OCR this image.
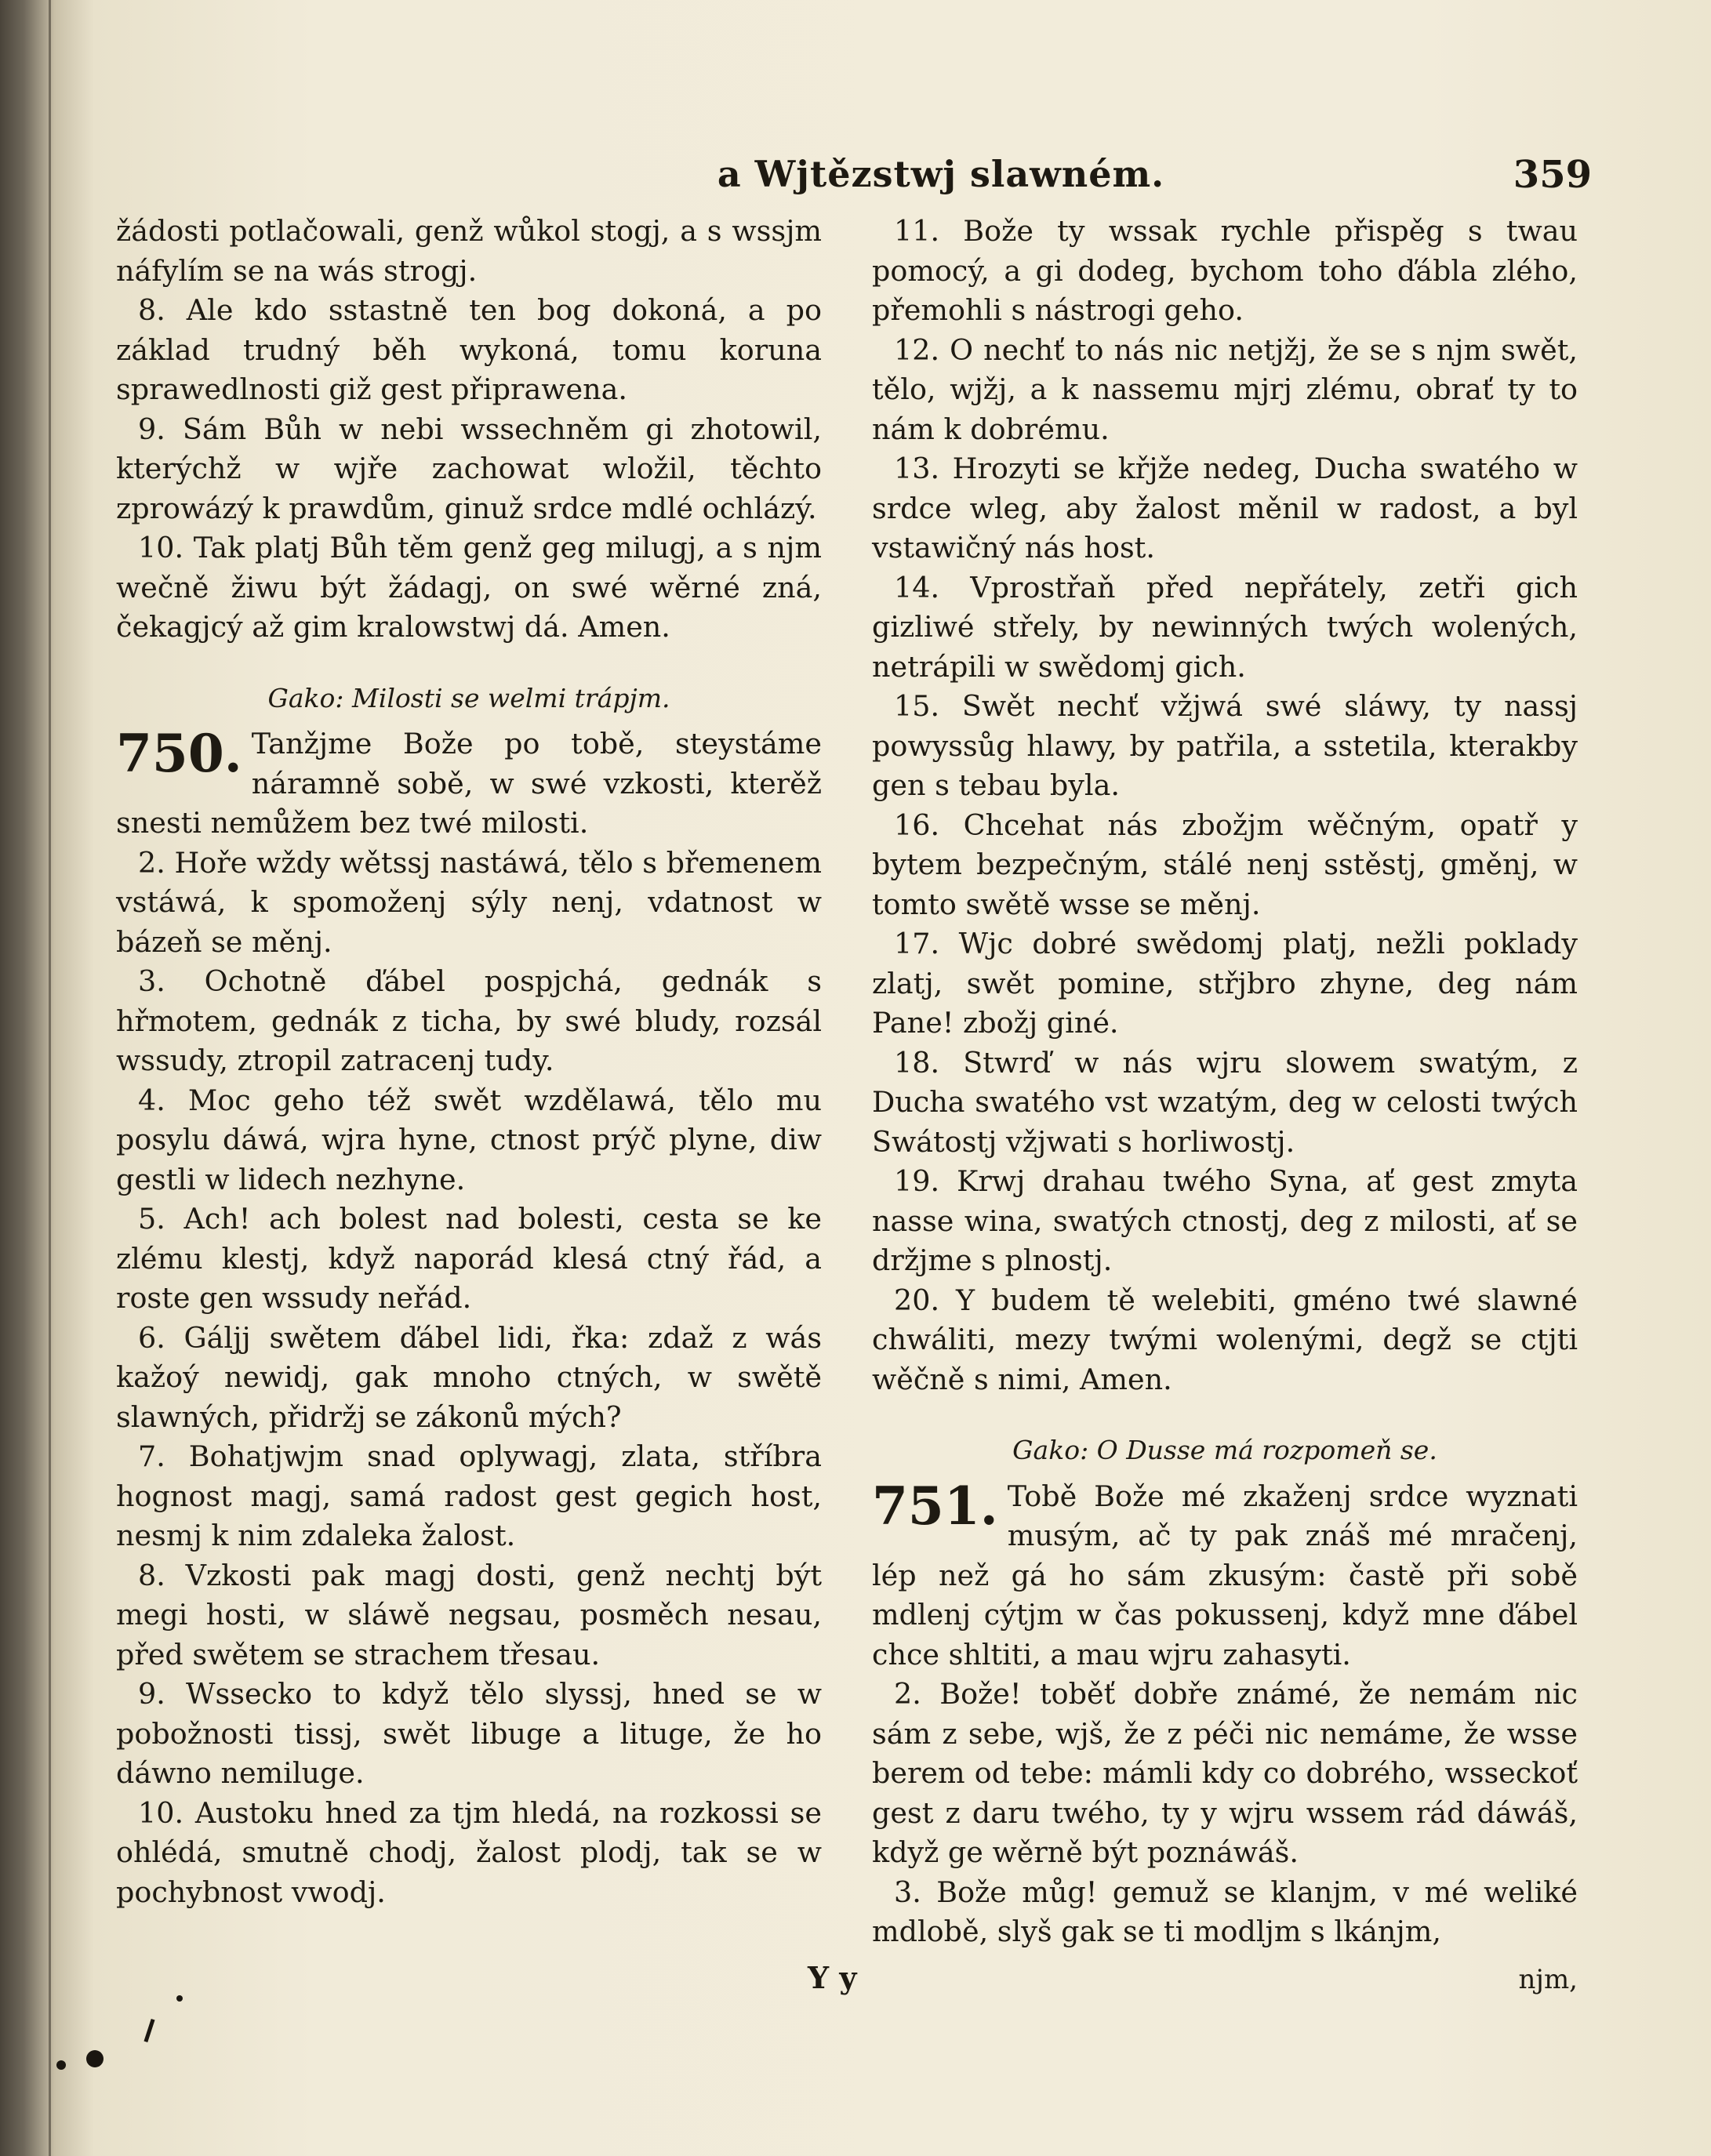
a Wjtězstwj slawném.	359

žádosti potlačowali, genž wůkol stogj, a s wssjm náfylím se na wás strogj.

8. Ale kdo sstastně ten bog dokoná, a po základ trudný běh wykoná, tomu koruna sprawedlnosti giž gest připrawena.

9. Sám Bůh w nebi wssechněm gi zhotowil, kterýchž w wjře zachowat wložil, těchto zprowázý k prawdům, ginuž srdce mdlé ochlázý.

10. Tak platj Bůh těm genž geg milugj, a s njm wečně žiwu být žádagj, on swé wěrné zná, čekagjcý až gim kralowstwj dá. Amen.

Gako: Milosti se welmi trápjm.
750. Tanžjme Bože po tobě, steystáme náramně sobě, w swé vzkosti, kterěž snesti nemůžem bez twé milosti.

2. Hoře wždy wětssj nastáwá, tělo s břemenem vstáwá, k spomoženj sýly nenj, vdatnost w bázeň se měnj.

3. Ochotně ďábel pospjchá, gednák s hřmotem, gednák z ticha, by swé bludy, rozsál wssudy, ztropil zatracenj tudy.

4. Moc geho též swět wzdělawá, tělo mu posylu dáwá, wjra hyne, ctnost prýč plyne, diw gestli w lidech nezhyne.

5. Ach! ach bolest nad bolesti, cesta se ke zlému klestj, když naporád klesá ctný řád, a roste gen wssudy neřád.

6. Gáljj swětem ďábel lidi, řka: zdaž z wás kažoý newidj, gak mnoho ctných, w swětě slawných, přidržj se zákonů mých?

7. Bohatjwjm snad oplywagj, zlata, stříbra hognost magj, samá radost gest gegich host, nesmj k nim zdaleka žalost.

8. Vzkosti pak magj dosti, genž nechtj být megi hosti, w sláwě negsau, posměch nesau, před swětem se strachem třesau.

9. Wssecko to když tělo slyssj, hned se w pobožnosti tissj, swět libuge a lituge, že ho dáwno nemiluge.

10. Austoku hned za tjm hledá, na rozkossi se ohlédá, smutně chodj, žalost plodj, tak se w pochybnost vwodj.

11. Bože ty wssak rychle přispěg s twau pomocý, a gi dodeg, bychom toho ďábla zlého, přemohli s nástrogi geho.

12. O nechť to nás nic netjžj, že se s njm swět, tělo, wjžj, a k nassemu mjrj zlému, obrať ty to nám k dobrému.

13. Hrozyti se křjže nedeg, Ducha swatého w srdce wleg, aby žalost měnil w radost, a byl vstawičný nás host.

14. Vprostřaň před nepřátely, zetři gich gizliwé střely, by newinných twých wolených, netrápili w swědomj gich.

15. Swět nechť vžjwá swé sláwy, ty nassj powyssůg hlawy, by patřila, a sstetila, kterakby gen s tebau byla.

16. Chcehat nás zbožjm wěčným, opatř y bytem bezpečným, stálé nenj sstěstj, gměnj, w tomto swětě wsse se měnj.

17. Wjc dobré swědomj platj, nežli poklady zlatj, swět pomine, střjbro zhyne, deg nám Pane! zbožj giné.

18. Stwrď w nás wjru slowem swatým, z Ducha swatého vst wzatým, deg w celosti twých Swátostj vžjwati s horliwostj.

19. Krwj drahau twého Syna, ať gest zmyta nasse wina, swatých ctnostj, deg z milosti, ať se držjme s plnostj.

20. Y budem tě welebiti, gméno twé slawné chwáliti, mezy twými wolenými, degž se ctjti wěčně s nimi, Amen.

Gako: O Dusse má rozpomeň se.
751. Tobě Bože mé zkaženj srdce wyznati musým, ač ty pak znáš mé mračenj, lép než gá ho sám zkusým: častě při sobě mdlenj cýtjm w čas pokussenj, když mne ďábel chce shltiti, a mau wjru zahasyti.

2. Bože! toběť dobře známé, že nemám nic sám z sebe, wjš, že z péči nic nemáme, že wsse berem od tebe: mámli kdy co dobrého, wsseckoť gest z daru twého, ty y wjru wssem rád dáwáš, když ge wěrně být poznáwáš.

3. Bože můg! gemuž se klanjm, v mé weliké mdlobě, slyš gak se ti modljm s lkánjm,

Y y	njm,
